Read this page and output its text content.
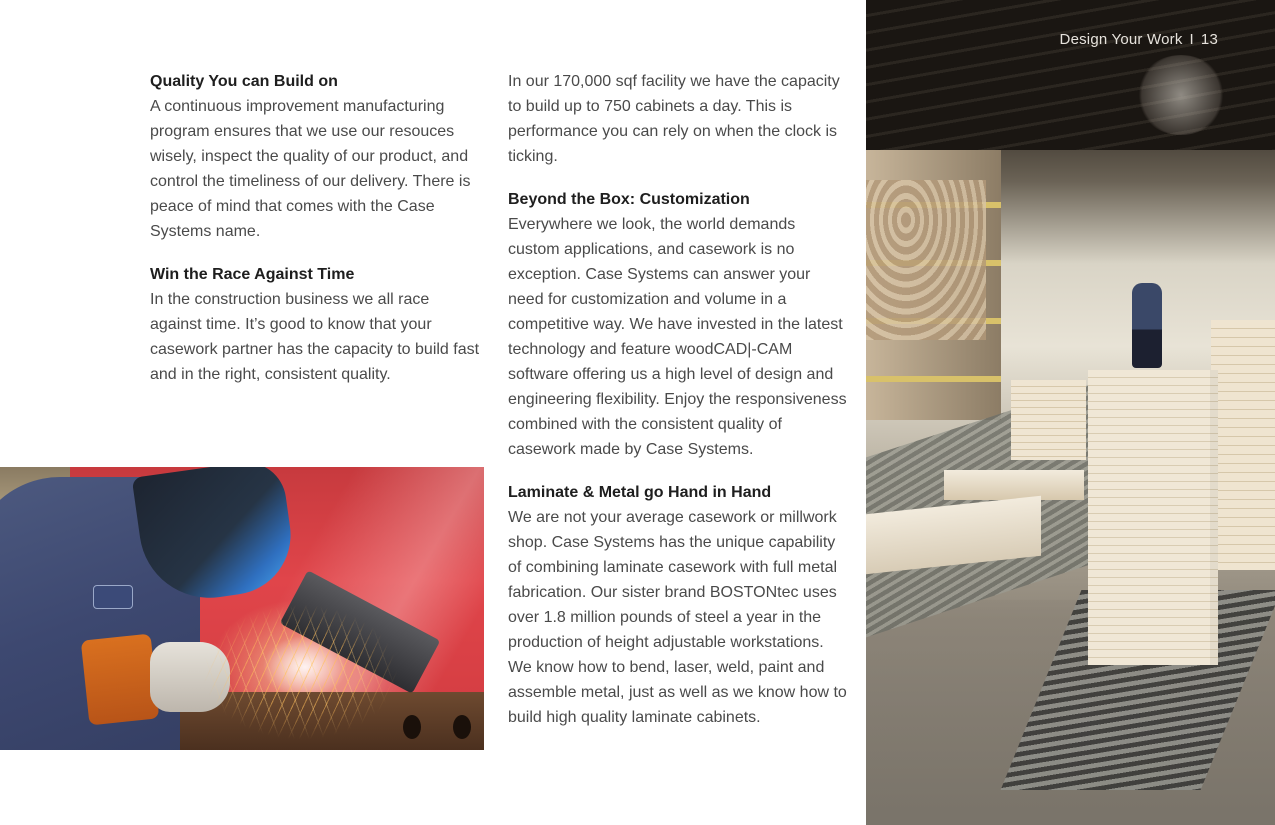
Quality You can Build on

A continuous improvement manufacturing program ensures that we use our resouces wisely, inspect the quality of our product, and control the timeliness of our delivery. There is peace of mind that comes with the Case Systems name.

Win the Race Against Time

In the construction business we all race against time. It’s good to know that your casework partner has the capacity to build fast and in the right, consistent quality.

In our 170,000 sqf facility we have the capacity to build up to 750 cabinets a day. This is performance you can rely on when the clock is ticking.

Beyond the Box: Customization

Everywhere we look, the world demands custom applications, and casework is no exception. Case Systems can answer your need for customization and volume in a competitive way. We have invested in the latest technology and feature woodCAD|-CAM software offering us a high level of design and engineering flexibility. Enjoy the responsiveness combined with the consistent quality of casework made by Case Systems.

Laminate & Metal go Hand in Hand

We are not your average casework or millwork shop. Case Systems has the unique capability of combining laminate casework with full metal fabrication. Our sister brand BOSTONtec uses over 1.8 million pounds of steel a year in the production of height adjustable workstations. We know how to bend, laser, weld, paint and assemble metal, just as well as we know how to build high quality laminate cabinets.

Design Your Work I 13
